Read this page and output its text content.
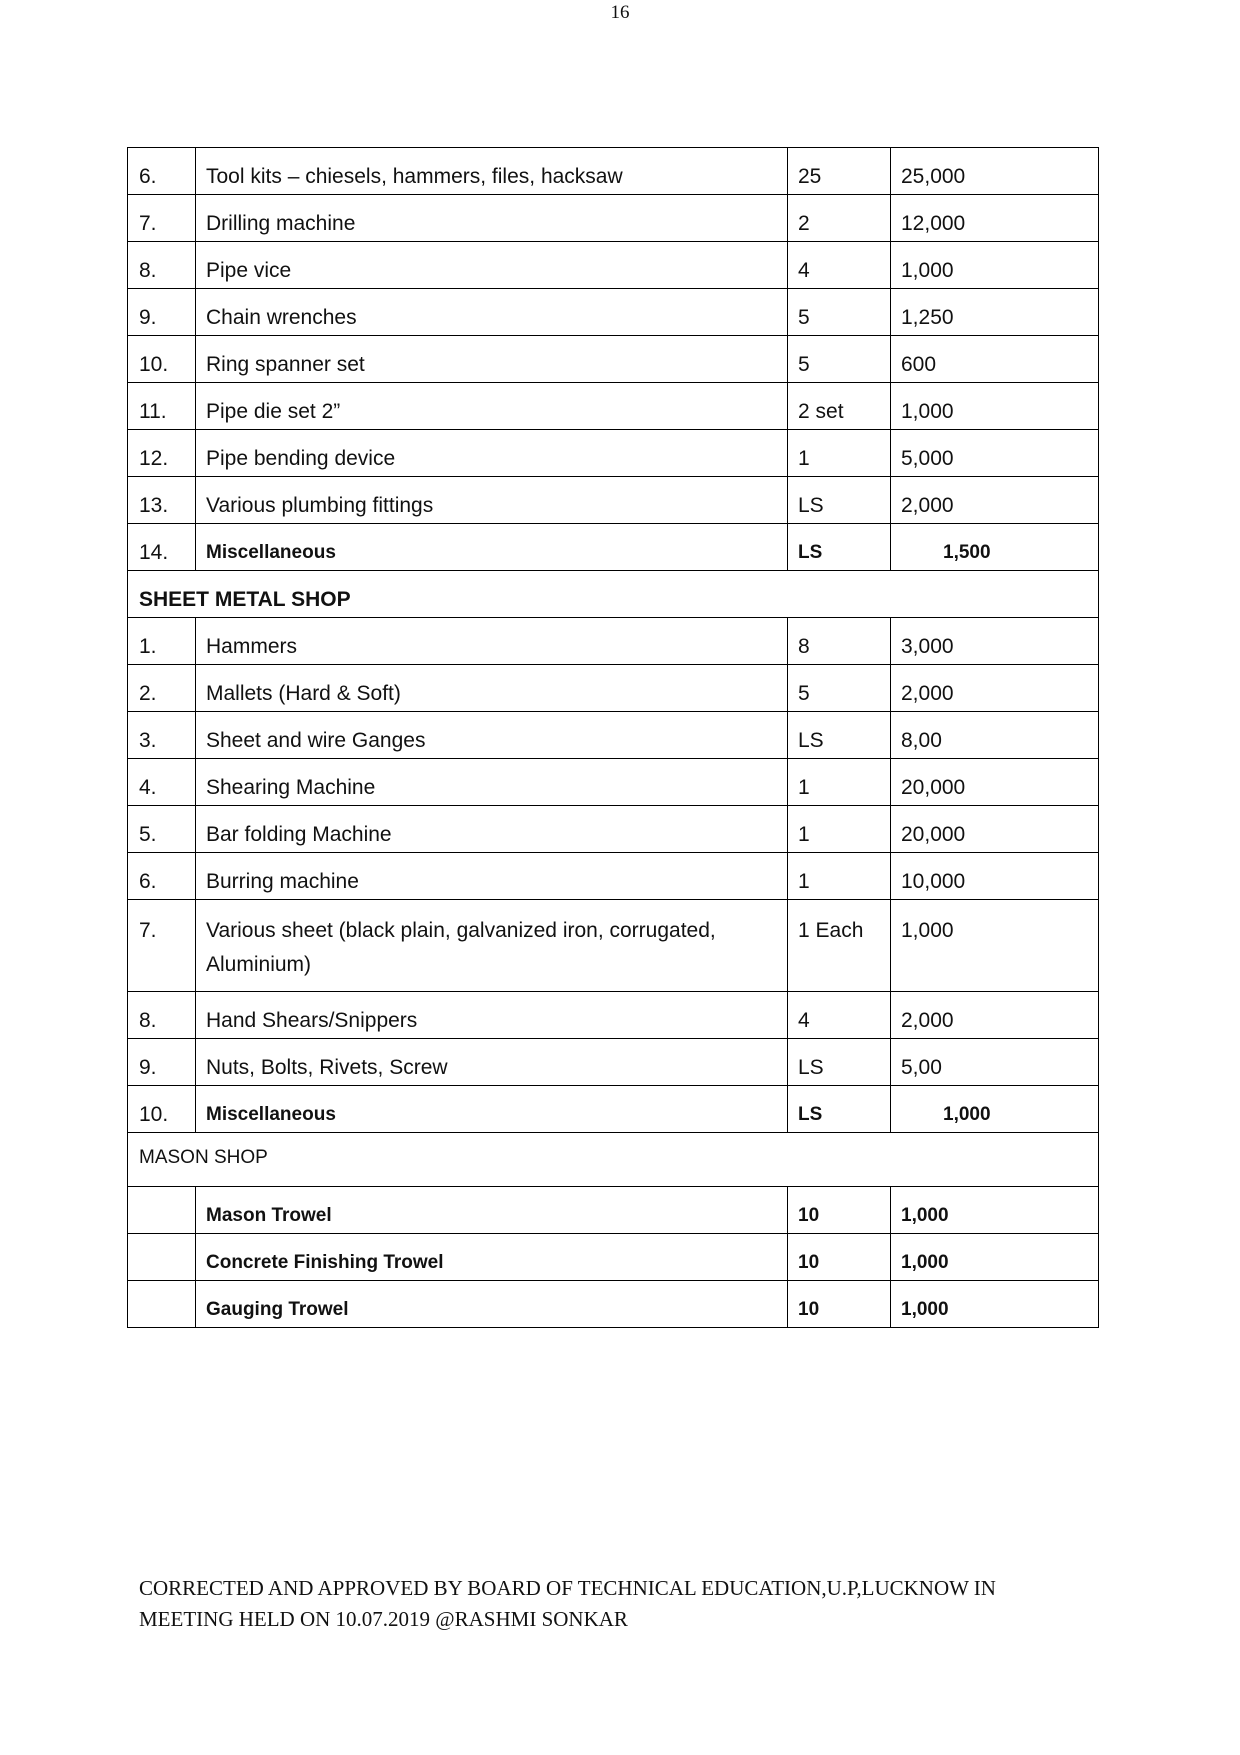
16
6.	Tool kits – chiesels, hammers, files, hacksaw	25	25,000
7.	Drilling machine	2	12,000
8.	Pipe vice	4	1,000
9.	Chain wrenches	5	1,250
10.	Ring spanner set	5	600
11.	Pipe die set 2”	2 set	1,000
12.	Pipe bending device	1	5,000
13.	Various plumbing fittings	LS	2,000
14.	Miscellaneous	LS	1,500
SHEET METAL SHOP			
1.	Hammers	8	3,000
2.	Mallets (Hard & Soft)	5	2,000
3.	Sheet and wire Ganges	LS	8,00
4.	Shearing Machine	1	20,000
5.	Bar folding Machine	1	20,000
6.	Burring machine	1	10,000
7.	Various sheet (black plain, galvanized iron, corrugated, Aluminium)	1 Each	1,000
8.	Hand Shears/Snippers	4	2,000
9.	Nuts, Bolts, Rivets, Screw	LS	5,00
10.	Miscellaneous	LS	1,000
MASON SHOP			
	Mason Trowel	10	1,000
	Concrete Finishing Trowel	10	1,000
	Gauging Trowel	10	1,000
CORRECTED AND APPROVED BY BOARD OF TECHNICAL EDUCATION,U.P,LUCKNOW IN
MEETING HELD ON 10.07.2019 @RASHMI SONKAR
